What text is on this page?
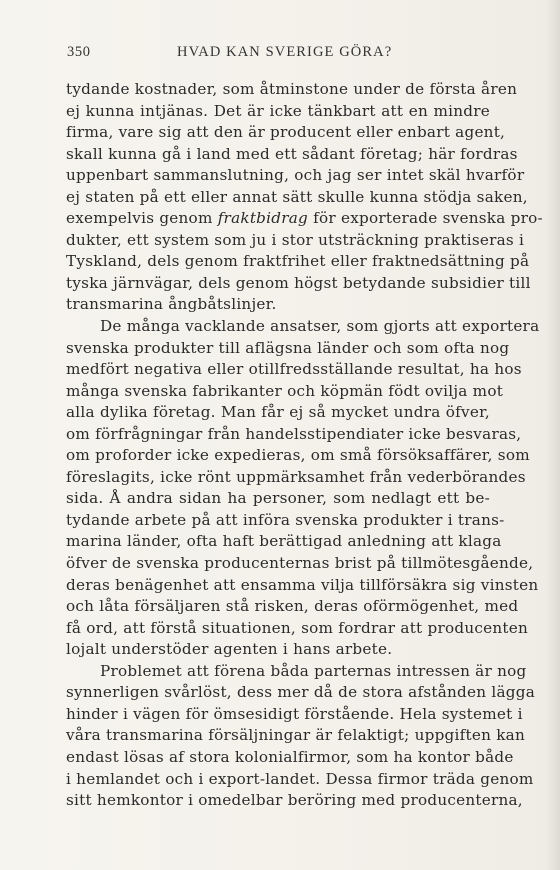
350	HVAD KAN SVERIGE GÖRA?
tydande kostnader, som åtminstone under de första åren
ej kunna intjänas. Det är icke tänkbart att en mindre
firma, vare sig att den är producent eller enbart agent,
skall kunna gå i land med ett sådant företag; här fordras
uppenbart sammanslutning, och jag ser intet skäl hvarför
ej staten på ett eller annat sätt skulle kunna stödja saken,
exempelvis genom fraktbidrag för exporterade svenska pro-
dukter, ett system som ju i stor utsträckning praktiseras i
Tyskland, dels genom fraktfrihet eller fraktnedsättning på
tyska järnvägar, dels genom högst betydande subsidier till
transmarina ångbåtslinjer.
De många vacklande ansatser, som gjorts att exportera
svenska produkter till aflägsna länder och som ofta nog
medfört negativa eller otillfredsställande resultat, ha hos
många svenska fabrikanter och köpmän födt ovilja mot
alla dylika företag. Man får ej så mycket undra öfver,
om förfrågningar från handelsstipendiater icke besvaras,
om proforder icke expedieras, om små försöksaffärer, som
föreslagits, icke rönt uppmärksamhet från vederbörandes
sida. Å andra sidan ha personer, som nedlagt ett be-
tydande arbete på att införa svenska produkter i trans-
marina länder, ofta haft berättigad anledning att klaga
öfver de svenska producenternas brist på tillmötesgående,
deras benägenhet att ensamma vilja tillförsäkra sig vinsten
och låta försäljaren stå risken, deras oförmögenhet, med
få ord, att förstå situationen, som fordrar att producenten
lojalt understöder agenten i hans arbete.
Problemet att förena båda parternas intressen är nog
synnerligen svårlöst, dess mer då de stora afstånden lägga
hinder i vägen för ömsesidigt förstående. Hela systemet i
våra transmarina försäljningar är felaktigt; uppgiften kan
endast lösas af stora kolonialfirmor, som ha kontor både
i hemlandet och i export-landet. Dessa firmor träda genom
sitt hemkontor i omedelbar beröring med producenterna,
